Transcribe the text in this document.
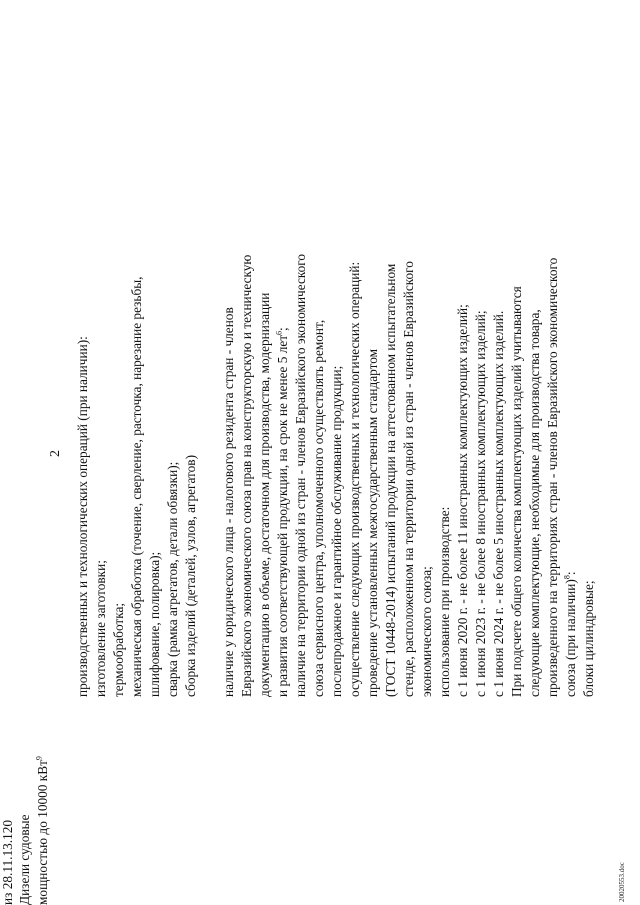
2 производственных и технологических операций (при наличии): изготовление заготовки; термообработка; механическая обработка (точение, сверление, расточка, нарезание резьбы, шлифование, полировка); сварка (рамка агрегатов, детали обвязки); сборка изделий (деталей, узлов, агрегатов)
из 28.11.13.120 Дизели судовые мощностью до 10000 кВт$^9$
наличие у юридического лица - налогового резидента стран - членов Евразийского экономического союза прав на конструкторскую и техническую документацию в объеме, достаточном для производства, модернизации и развития соответствующей продукции, на срок не менее 5 лет$^6$; наличие на территории одной из стран - членов Евразийского экономического союза сервисного центра, уполномоченного осуществлять ремонт, послепродажное и гарантийное обслуживание продукции; осуществление следующих производственных и технологических операций: проведение установленных межгосударственным стандартом (ГОСТ 10448-2014) испытаний продукции на аттестованном испытательном стенде, расположенном на территории одной из стран - членов Евразийского экономического союза; использование при производстве: с 1 июня 2020 г. - не более 11 иностранных комплектующих изделий; с 1 июня 2023 г. - не более 8 иностранных комплектующих изделий; с 1 июня 2024 г. - не более 5 иностранных комплектующих изделий. При подсчете общего количества комплектующих изделий учитываются следующие комплектующие, необходимые для производства товара, произведенного на территориях стран - членов Евразийского экономического союза (при наличии)$^8$:
блоки цилиндровые;
20020553.doc
